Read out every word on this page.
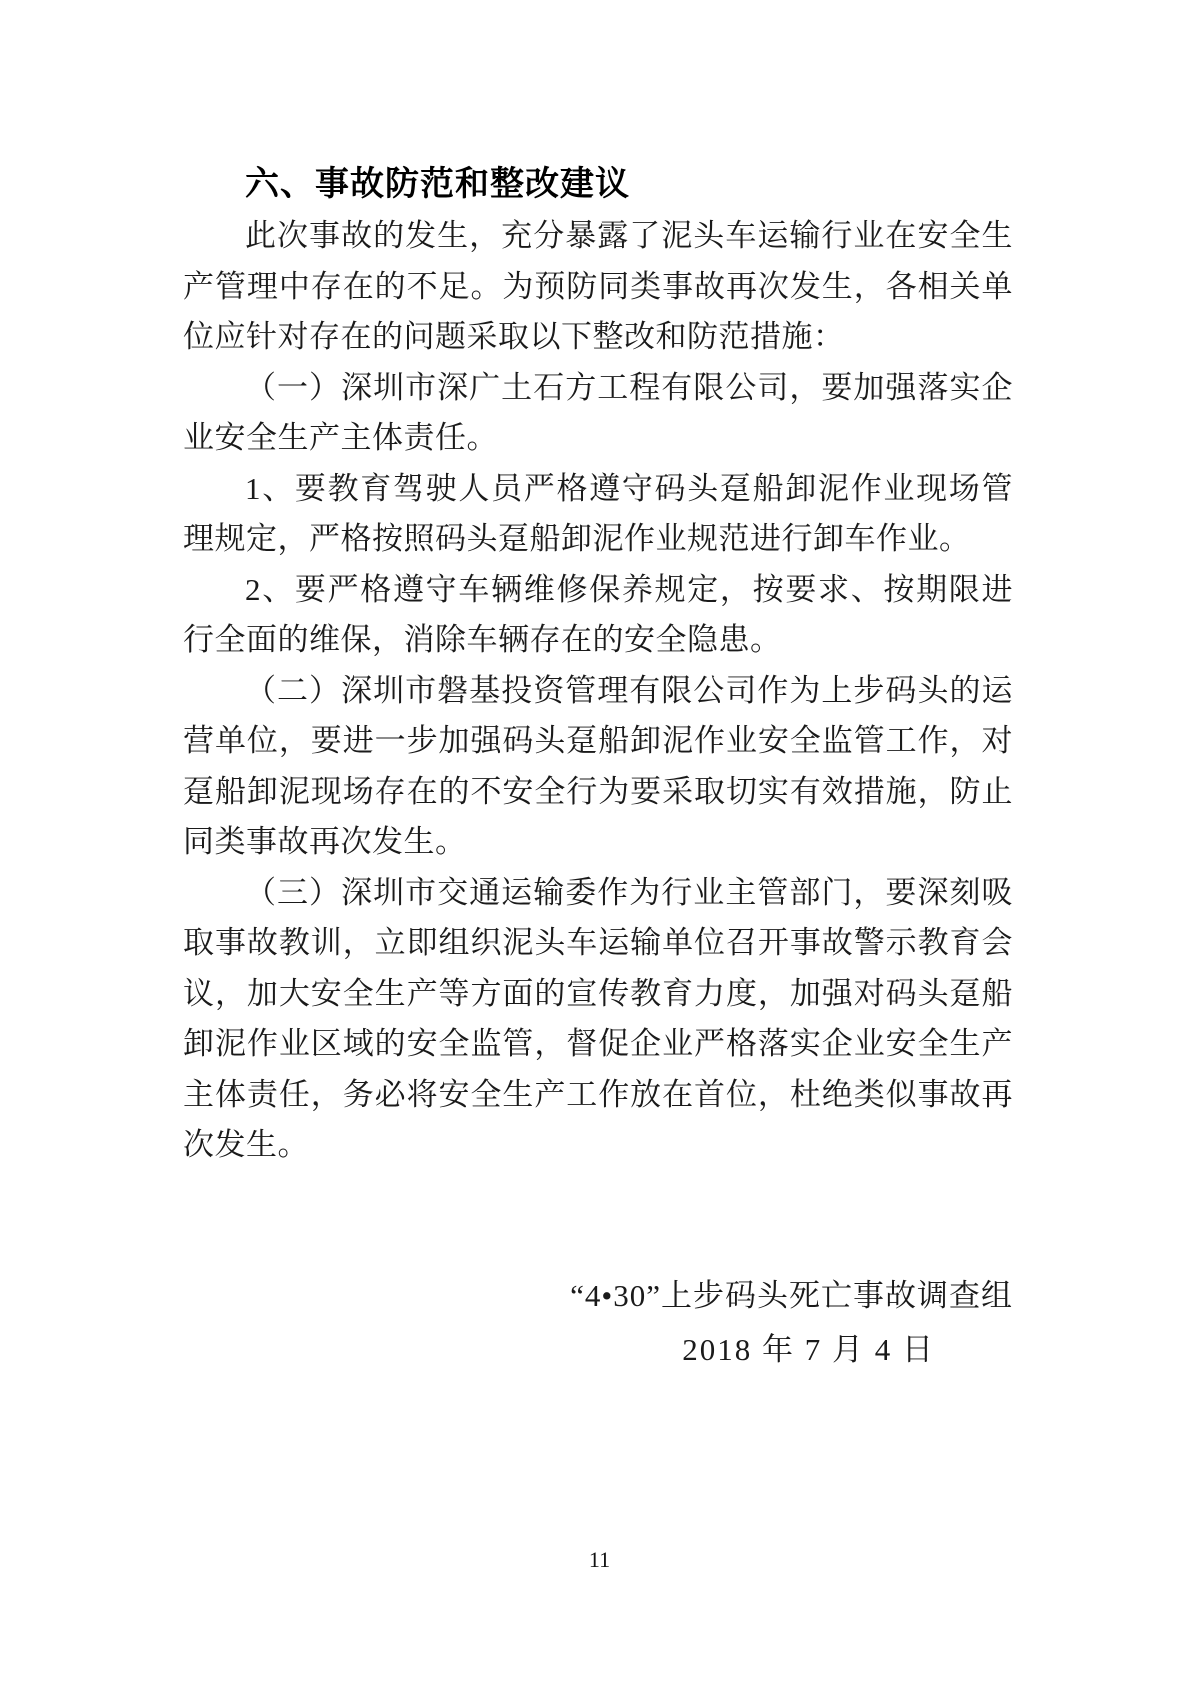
六、事故防范和整改建议

此次事故的发生，充分暴露了泥头车运输行业在安全生产管理中存在的不足。为预防同类事故再次发生，各相关单位应针对存在的问题采取以下整改和防范措施：

（一）深圳市深广土石方工程有限公司，要加强落实企业安全生产主体责任。

1、要教育驾驶人员严格遵守码头趸船卸泥作业现场管理规定，严格按照码头趸船卸泥作业规范进行卸车作业。

2、要严格遵守车辆维修保养规定，按要求、按期限进行全面的维保，消除车辆存在的安全隐患。

（二）深圳市磐基投资管理有限公司作为上步码头的运营单位，要进一步加强码头趸船卸泥作业安全监管工作，对趸船卸泥现场存在的不安全行为要采取切实有效措施，防止同类事故再次发生。

（三）深圳市交通运输委作为行业主管部门，要深刻吸取事故教训，立即组织泥头车运输单位召开事故警示教育会议，加大安全生产等方面的宣传教育力度，加强对码头趸船卸泥作业区域的安全监管，督促企业严格落实企业安全生产主体责任，务必将安全生产工作放在首位，杜绝类似事故再次发生。

“4•30”上步码头死亡事故调查组
2018 年 7 月 4 日
11
